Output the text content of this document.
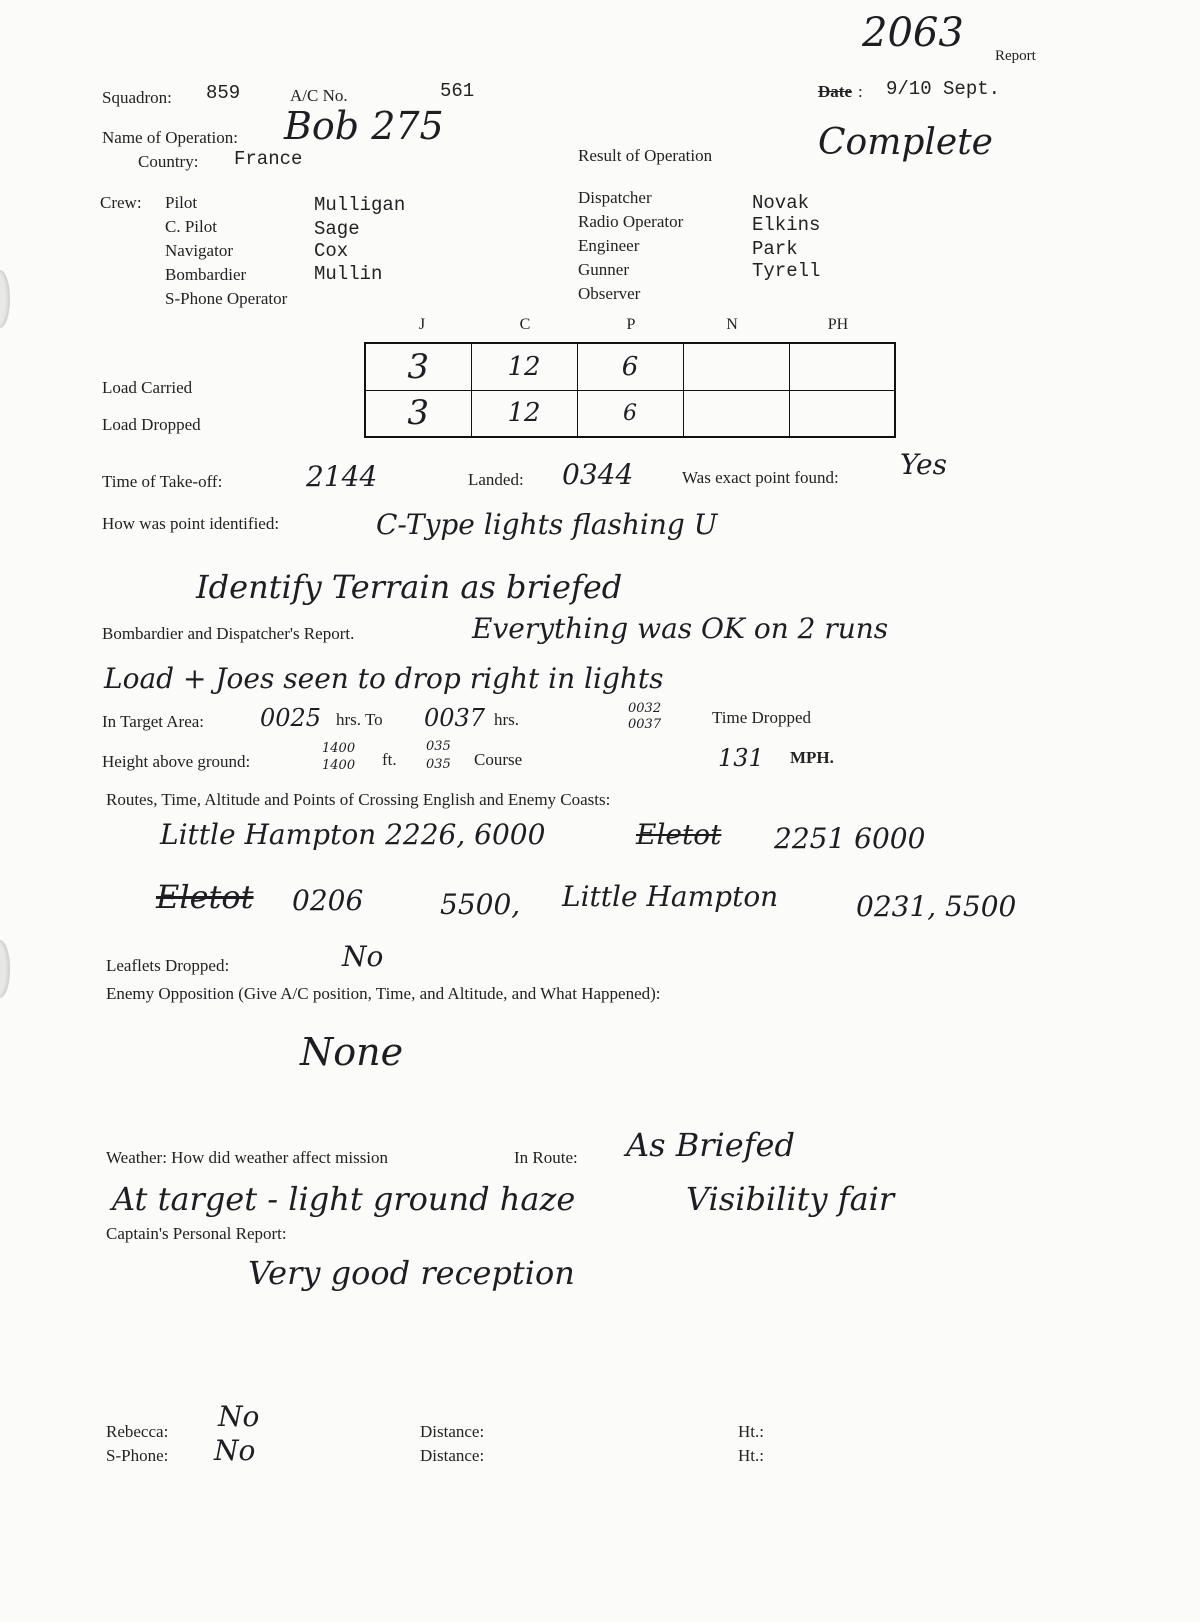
2063 Report
Squadron: 859	A/C No.	561	Date : 9/10 Sept.
Name of Operation: Bob 275
Country: France	Result of Operation	Complete
Crew: Pilot	Mulligan
C. Pilot	Sage
Navigator	Cox
Bombardier	Mullin
S-Phone Operator
Dispatcher	Novak
Radio Operator	Elkins
Engineer	Park
Gunner	Tyrell
Observer
J	C	P	N	PH
Load Carried
Load Dropped
3	12	6		
3	12	6		
Time of Take-off:	2144	Landed: 0344	Was exact point found: Yes
How was point identified:	C-Type lights flashing U
Identify Terrain as briefed
Bombardier and Dispatcher's Report.	Everything was OK on 2 runs
Load + Joes seen to drop right in lights
In Target Area: 0025 hrs. To 0037 hrs.
0032
0037	Time Dropped
Height above ground:
1400
1400 ft.
035
035 Course	131 MPH.
Routes, Time, Altitude and Points of Crossing English and Enemy Coasts:
Little Hampton 2226, 6000	Eletot 2251 6000
Eletot 0206	5500, Little Hampton	0231, 5500
Leaflets Dropped:	No
Enemy Opposition (Give A/C position, Time, and Altitude, and What Happened):
None
Weather: How did weather affect mission	In Route: As Briefed
At target - light ground haze	Visibility fair
Captain's Personal Report:
Very good reception
Rebecca: No	Distance:	Ht.:
S-Phone: No	Distance:	Ht.:
